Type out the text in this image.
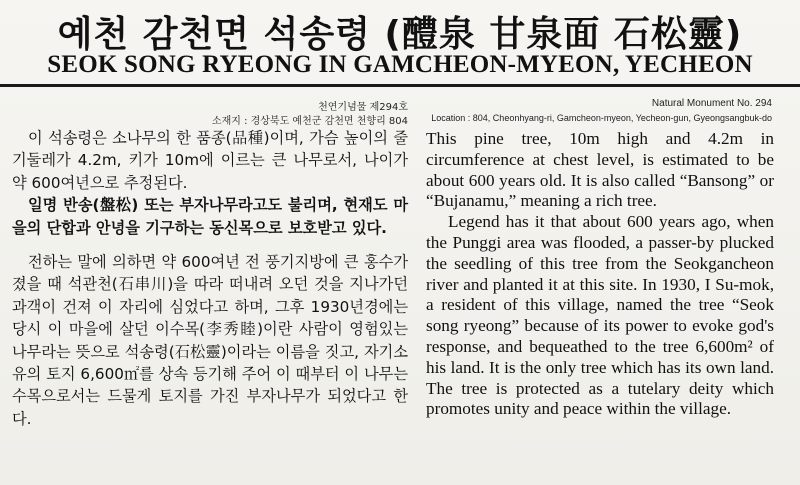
예천 감천면 석송령 (醴泉 甘泉面 石松靈)
SEOK SONG RYEONG IN GAMCHEON-MYEON, YECHEON
천연기념물 제294호
소재지 : 경상북도 예천군 감천면 천향리 804
Natural Monument No. 294
Location : 804, Cheonhyang-ri, Gamcheon-myeon, Yecheon-gun, Gyeongsangbuk-do

이 석송령은 소나무의 한 품종(品種)이며, 가슴 높이의 줄기둘레가 4.2m, 키가 10m에 이르는 큰 나무로서, 나이가 약 600여년으로 추정된다.

일명 반송(盤松) 또는 부자나무라고도 불리며, 현재도 마을의 단합과 안녕을 기구하는 동신목으로 보호받고 있다.

전하는 말에 의하면 약 600여년 전 풍기지방에 큰 홍수가 졌을 때 석관천(石串川)을 따라 떠내려 오던 것을 지나가던 과객이 건져 이 자리에 심었다고 하며, 그후 1930년경에는 당시 이 마을에 살던 이수목(李秀睦)이란 사람이 영험있는 나무라는 뜻으로 석송령(石松靈)이라는 이름을 짓고, 자기소유의 토지 6,600㎡를 상속 등기해 주어 이 때부터 이 나무는 수목으로서는 드물게 토지를 가진 부자나무가 되었다고 한다.

This pine tree, 10m high and 4.2m in circumference at chest level, is estimated to be about 600 years old. It is also called “Bansong” or “Bujanamu,” meaning a rich tree.

Legend has it that about 600 years ago, when the Punggi area was flooded, a passer-by plucked the seedling of this tree from the Seokgancheon river and planted it at this site. In 1930, I Su-mok, a resident of this village, named the tree “Seok song ryeong” because of its power to evoke god's response, and bequeathed to the tree 6,600m² of his land. It is the only tree which has its own land. The tree is protected as a tutelary deity which promotes unity and peace within the village.
